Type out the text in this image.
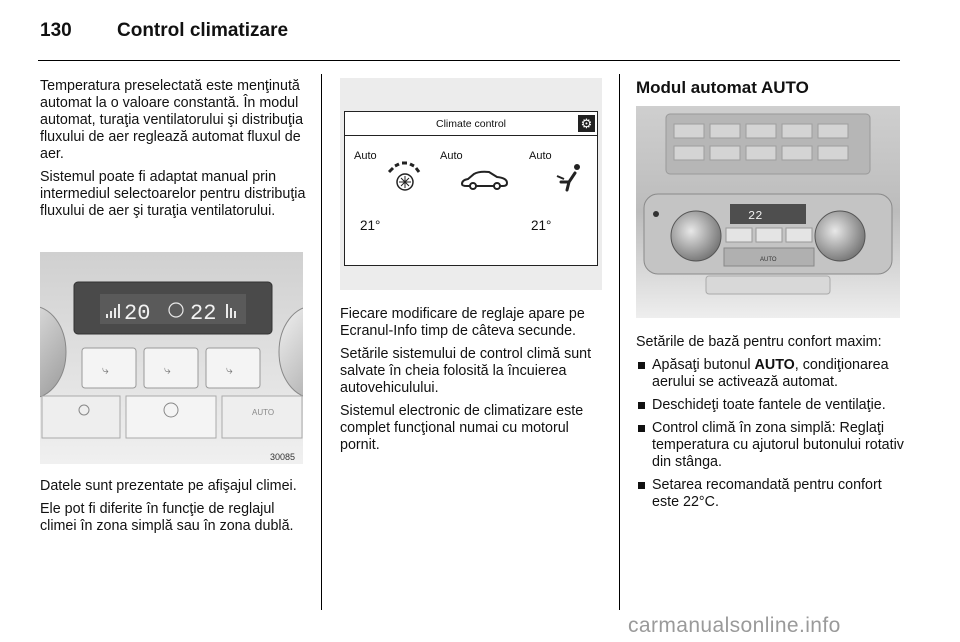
130 Control climatizare

Temperatura preselectată este menţinută automat la o valoare constantă. În modul automat, turaţia ventilatorului şi distribuţia fluxului de aer reglează automat fluxul de aer.

Sistemul poate fi adaptat manual prin intermediul selectoarelor pentru distribuţia fluxului de aer şi turaţia ventilatorului.

20 22
⤷	⤷	⤷
AUTO
30085

Datele sunt prezentate pe afişajul climei.

Ele pot fi diferite în funcţie de reglajul climei în zona simplă sau în zona dublă.

Climate control	⚙
Auto	Auto	Auto
21°	21°

Fiecare modificare de reglaje apare pe Ecranul-Info timp de câteva secunde.

Setările sistemului de control climă sunt salvate în cheia folosită la încuierea autovehiculului.

Sistemul electronic de climatizare este complet funcţional numai cu motorul pornit.

Modul automat AUTO
22
AUTO

Setările de bază pentru confort maxim:

Apăsaţi butonul AUTO, condiţionarea aerului se activează automat.
Deschideţi toate fantele de ventilaţie.
Control climă în zona simplă: Reglaţi temperatura cu ajutorul butonului rotativ din stânga.
Setarea recomandată pentru confort este 22°C.
carmanualsonline.info
